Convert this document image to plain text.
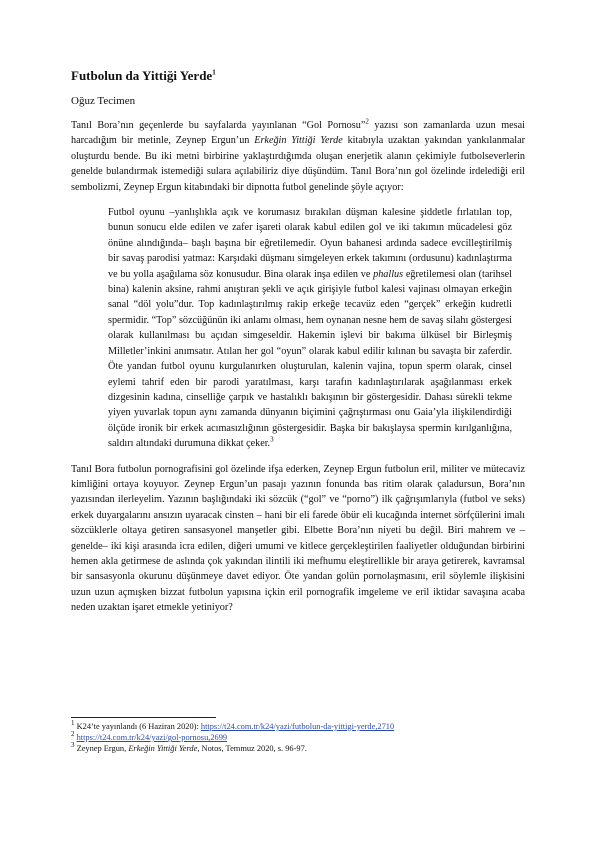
Futbolun da Yittiği Yerde$^1$
Oğuz Tecimen

Tanıl Bora’nın geçenlerde bu sayfalarda yayınlanan “Gol Pornosu”$^2$ yazısı son zamanlarda uzun mesai harcadığım bir metinle, Zeynep Ergun’un Erkeğin Yittiği Yerde kitabıyla uzaktan yakından yankılanmalar oluşturdu bende. Bu iki metni birbirine yaklaştırdığımda oluşan enerjetik alanın çekimiyle futbolseverlerin genelde bulandırmak istemediği sulara açılabiliriz diye düşündüm. Tanıl Bora’nın gol özelinde irdelediği eril sembolizmi, Zeynep Ergun kitabındaki bir dipnotta futbol genelinde şöyle açıyor:

Futbol oyunu –yanlışlıkla açık ve korumasız bırakılan düşman kalesine şiddetle fırlatılan top, bunun sonucu elde edilen ve zafer işareti olarak kabul edilen gol ve iki takımın mücadelesi göz önüne alındığında– başlı başına bir eğretilemedir. Oyun bahanesi ardında sadece evcilleştirilmiş bir savaş parodisi yatmaz: Karşıdaki düşmanı simgeleyen erkek takımını (ordusunu) kadınlaştırma ve bu yolla aşağılama söz konusudur. Bina olarak inşa edilen ve phallus eğretilemesi olan (tarihsel bina) kalenin aksine, rahmi anıştıran şekli ve açık girişiyle futbol kalesi vajinası olmayan erkeğin sanal “döl yolu”dur. Top kadınlaştırılmış rakip erkeğe tecavüz eden “gerçek” erkeğin kudretli spermidir. “Top” sözcüğünün iki anlamı olması, hem oynanan nesne hem de savaş silahı göstergesi olarak kullanılması bu açıdan simgeseldir. Hakemin işlevi bir bakıma ülküsel bir Birleşmiş Milletler’inkini anımsatır. Atılan her gol “oyun” olarak kabul edilir kılınan bu savaşta bir zaferdir. Öte yandan futbol oyunu kurgulanırken oluşturulan, kalenin vajina, topun sperm olarak, cinsel eylemi tahrif eden bir parodi yaratılması, karşı tarafın kadınlaştırılarak aşağılanması erkek dizgesinin kadına, cinselliğe çarpık ve hastalıklı bakışının bir göstergesidir. Dahası sürekli tekme yiyen yuvarlak topun aynı zamanda dünyanın biçimini çağrıştırması onu Gaia’yla ilişkilendirdiği ölçüde ironik bir erkek acımasızlığının göstergesidir. Başka bir bakışlaysa spermin kırılganlığına, saldırı altındaki durumuna dikkat çeker.$^3$

Tanıl Bora futbolun pornografisini gol özelinde ifşa ederken, Zeynep Ergun futbolun eril, militer ve mütecaviz kimliğini ortaya koyuyor. Zeynep Ergun’un pasajı yazının fonunda bas ritim olarak çaladursun, Bora’nın yazısından ilerleyelim. Yazının başlığındaki iki sözcük (“gol” ve “porno”) ilk çağrışımlarıyla (futbol ve seks) erkek duyargalarını ansızın uyaracak cinsten – hani bir eli farede öbür eli kucağında internet sörfçülerini imalı sözcüklerle oltaya getiren sansasyonel manşetler gibi. Elbette Bora’nın niyeti bu değil. Biri mahrem ve –genelde– iki kişi arasında icra edilen, diğeri umumi ve kitlece gerçekleştirilen faaliyetler olduğundan birbirini hemen akla getirmese de aslında çok yakından ilintili iki mefhumu eleştirellikle bir araya getirerek, kavramsal bir sansasyonla okurunu düşünmeye davet ediyor. Öte yandan golün pornolaşmasını, eril söylemle ilişkisini uzun uzun açmışken bizzat futbolun yapısına içkin eril pornografik imgeleme ve eril iktidar savaşına acaba neden uzaktan işaret etmekle yetiniyor?

$^1$ K24’te yayınlandı (6 Haziran 2020): https://t24.com.tr/k24/yazi/futbolun-da-yittigi-yerde,2710

$^2$ https://t24.com.tr/k24/yazi/gol-pornosu,2699

$^3$ Zeynep Ergun, Erkeğin Yittiği Yerde, Notos, Temmuz 2020, s. 96-97.
